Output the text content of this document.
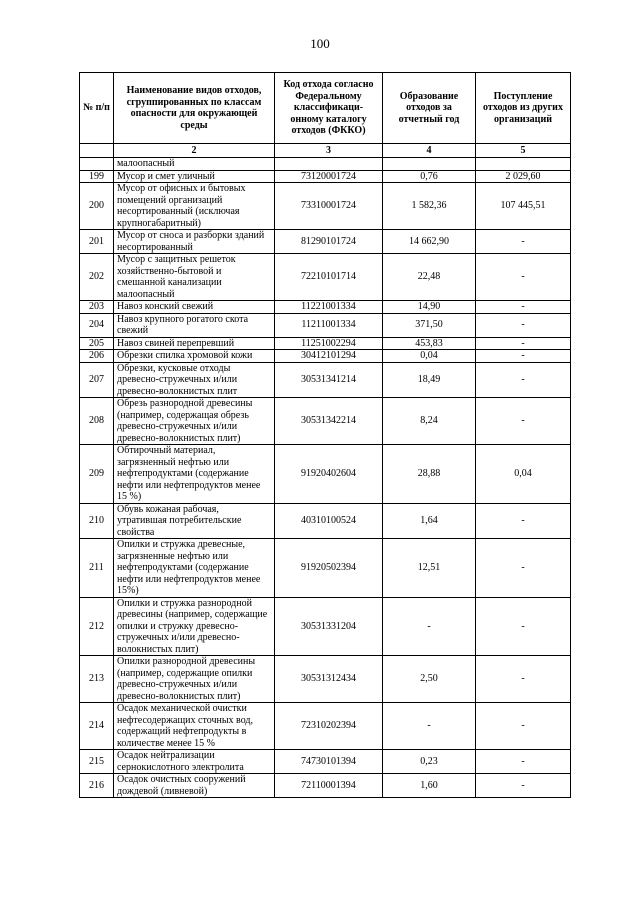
100
№ п/п	Наименование видов отходов, сгруппированных по классам опасности для окружающей среды	Код отхода согласно Федеральному классификаци-онному каталогу отходов (ФККО)	Образование отходов за отчетный год	Поступление отходов из других организаций
	2	3	4	5
	малоопасный			
199	Мусор и смет уличный	73120001724	0,76	2 029,60
200	Мусор от офисных и бытовых помещений организаций несортированный (исключая крупногабаритный)	73310001724	1 582,36	107 445,51
201	Мусор от сноса и разборки зданий несортированный	81290101724	14 662,90	-
202	Мусор с защитных решеток хозяйственно-бытовой и смешанной канализации малоопасный	72210101714	22,48	-
203	Навоз конский свежий	11221001334	14,90	-
204	Навоз крупного рогатого скота свежий	11211001334	371,50	-
205	Навоз свиней перепревший	11251002294	453,83	-
206	Обрезки спилка хромовой кожи	30412101294	0,04	-
207	Обрезки, кусковые отходы древесно-стружечных и/или древесно-волокнистых плит	30531341214	18,49	-
208	Обрезь разнородной древесины (например, содержащая обрезь древесно-стружечных и/или древесно-волокнистых плит)	30531342214	8,24	-
209	Обтирочный материал, загрязненный нефтью или нефтепродуктами (содержание нефти или нефтепродуктов менее 15 %)	91920402604	28,88	0,04
210	Обувь кожаная рабочая, утратившая потребительские свойства	40310100524	1,64	-
211	Опилки и стружка древесные, загрязненные нефтью или нефтепродуктами (содержание нефти или нефтепродуктов менее 15%)	91920502394	12,51	-
212	Опилки и стружка разнородной древесины (например, содержащие опилки и стружку древесно-стружечных и/или древесно-волокнистых плит)	30531331204	-	-
213	Опилки разнородной древесины (например, содержащие опилки древесно-стружечных и/или древесно-волокнистых плит)	30531312434	2,50	-
214	Осадок механической очистки нефтесодержащих сточных вод, содержащий нефтепродукты в количестве менее 15 %	72310202394	-	-
215	Осадок нейтрализации сернокислотного электролита	74730101394	0,23	-
216	Осадок очистных сооружений дождевой (ливневой)	72110001394	1,60	-
